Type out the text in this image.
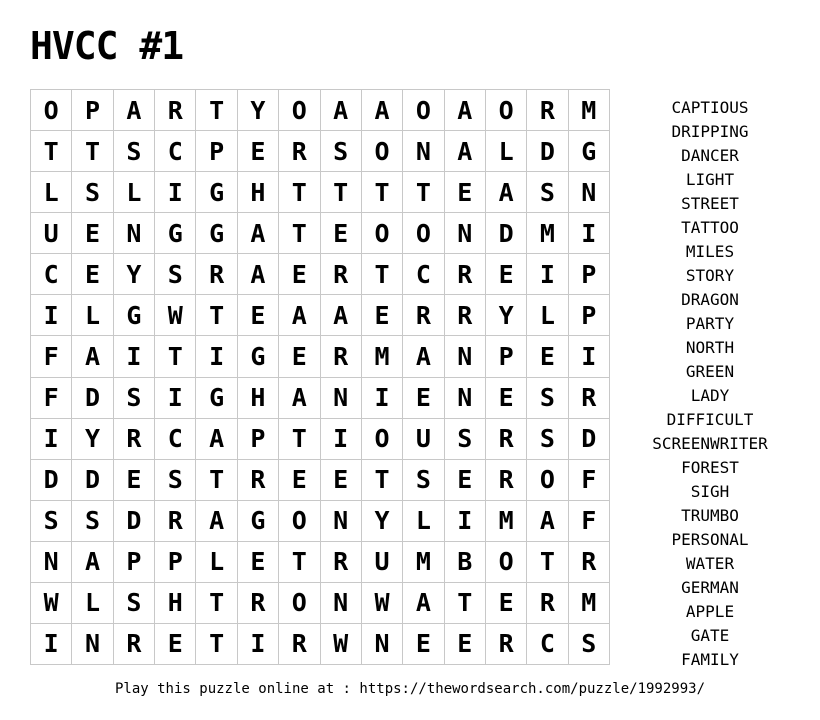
HVCC #1
O	P	A	R	T	Y	O	A	A	O	A	O	R	M
T	T	S	C	P	E	R	S	O	N	A	L	D	G
L	S	L	I	G	H	T	T	T	T	E	A	S	N
U	E	N	G	G	A	T	E	O	O	N	D	M	I
C	E	Y	S	R	A	E	R	T	C	R	E	I	P
I	L	G	W	T	E	A	A	E	R	R	Y	L	P
F	A	I	T	I	G	E	R	M	A	N	P	E	I
F	D	S	I	G	H	A	N	I	E	N	E	S	R
I	Y	R	C	A	P	T	I	O	U	S	R	S	D
D	D	E	S	T	R	E	E	T	S	E	R	O	F
S	S	D	R	A	G	O	N	Y	L	I	M	A	F
N	A	P	P	L	E	T	R	U	M	B	O	T	R
W	L	S	H	T	R	O	N	W	A	T	E	R	M
I	N	R	E	T	I	R	W	N	E	E	R	C	S
CAPTIOUS
DRIPPING
DANCER
LIGHT
STREET
TATTOO
MILES
STORY
DRAGON
PARTY
NORTH
GREEN
LADY
DIFFICULT
SCREENWRITER
FOREST
SIGH
TRUMBO
PERSONAL
WATER
GERMAN
APPLE
GATE
FAMILY
Play this puzzle online at : https://thewordsearch.com/puzzle/1992993/
